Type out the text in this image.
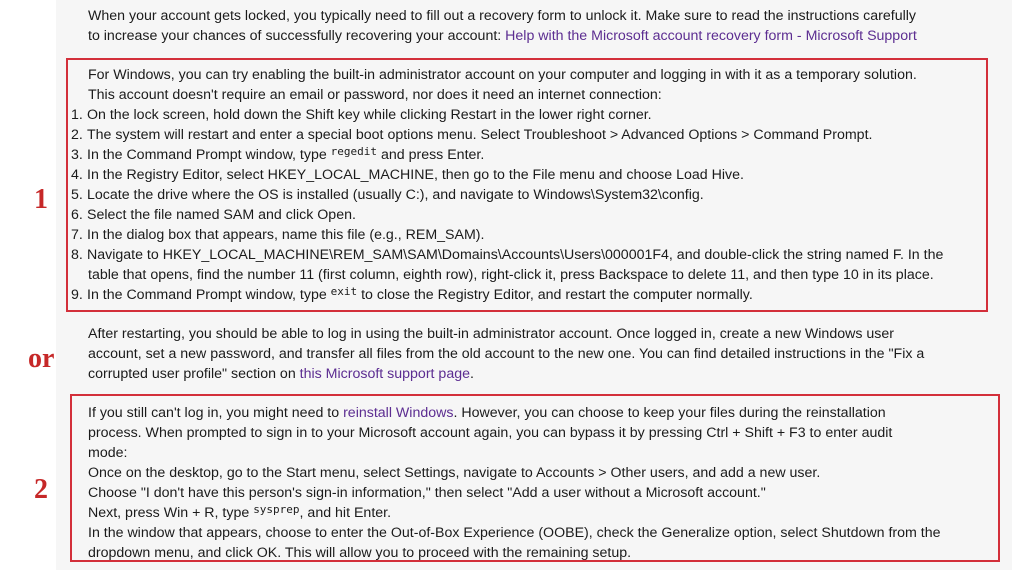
When your account gets locked, you typically need to fill out a recovery form to unlock it. Make sure to read the instructions carefully

to increase your chances of successfully recovering your account: Help with the Microsoft account recovery form - Microsoft Support

1

For Windows, you can try enabling the built-in administrator account on your computer and logging in with it as a temporary solution.

This account doesn't require an email or password, nor does it need an internet connection:

1. On the lock screen, hold down the Shift key while clicking Restart in the lower right corner.
2. The system will restart and enter a special boot options menu. Select Troubleshoot > Advanced Options > Command Prompt.
3. In the Command Prompt window, type $^{regedit}$ and press Enter.
4. In the Registry Editor, select HKEY_LOCAL_MACHINE, then go to the File menu and choose Load Hive.
5. Locate the drive where the OS is installed (usually C:), and navigate to Windows\System32\config.
6. Select the file named SAM and click Open.
7. In the dialog box that appears, name this file (e.g., REM_SAM).
8. Navigate to HKEY_LOCAL_MACHINE\REM_SAM\SAM\Domains\Accounts\Users\000001F4, and double-click the string named F. In the
table that opens, find the number 11 (first column, eighth row), right-click it, press Backspace to delete 11, and then type 10 in its place.
9. In the Command Prompt window, type $^{exit}$ to close the Registry Editor, and restart the computer normally.
or

After restarting, you should be able to log in using the built-in administrator account. Once logged in, create a new Windows user

account, set a new password, and transfer all files from the old account to the new one. You can find detailed instructions in the "Fix a

corrupted user profile" section on this Microsoft support page.

2

If you still can't log in, you might need to reinstall Windows. However, you can choose to keep your files during the reinstallation

process. When prompted to sign in to your Microsoft account again, you can bypass it by pressing Ctrl + Shift + F3 to enter audit

mode:

Once on the desktop, go to the Start menu, select Settings, navigate to Accounts > Other users, and add a new user.

Choose "I don't have this person's sign-in information," then select "Add a user without a Microsoft account."

Next, press Win + R, type $^{sysprep}$, and hit Enter.

In the window that appears, choose to enter the Out-of-Box Experience (OOBE), check the Generalize option, select Shutdown from the

dropdown menu, and click OK. This will allow you to proceed with the remaining setup.
